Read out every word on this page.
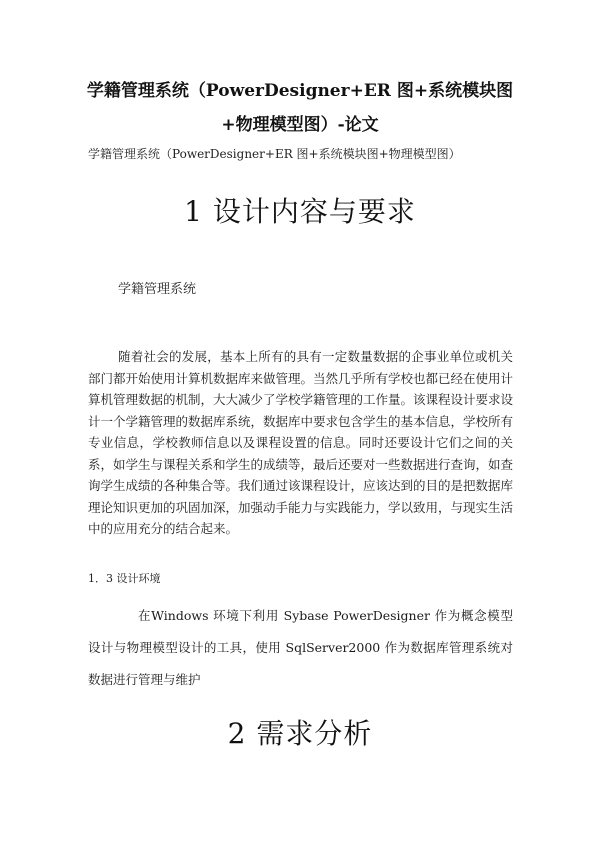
学籍管理系统（PowerDesigner+ER 图+系统模块图+物理模型图）-论文
学籍管理系统（PowerDesigner+ER 图+系统模块图+物理模型图）
1 设计内容与要求
学籍管理系统
随着社会的发展，基本上所有的具有一定数量数据的企事业单位或机关部门都开始使用计算机数据库来做管理。当然几乎所有学校也都已经在使用计算机管理数据的机制，大大减少了学校学籍管理的工作量。该课程设计要求设计一个学籍管理的数据库系统，数据库中要求包含学生的基本信息，学校所有专业信息，学校教师信息以及课程设置的信息。同时还要设计它们之间的关系，如学生与课程关系和学生的成绩等，最后还要对一些数据进行查询，如查询学生成绩的各种集合等。我们通过该课程设计，应该达到的目的是把数据库理论知识更加的巩固加深，加强动手能力与实践能力，学以致用，与现实生活中的应用充分的结合起来。
1．3 设计环境
在Windows 环境下利用 Sybase PowerDesigner 作为概念模型设计与物理模型设计的工具，使用 SqlServer2000 作为数据库管理系统对数据进行管理与维护
2 需求分析
